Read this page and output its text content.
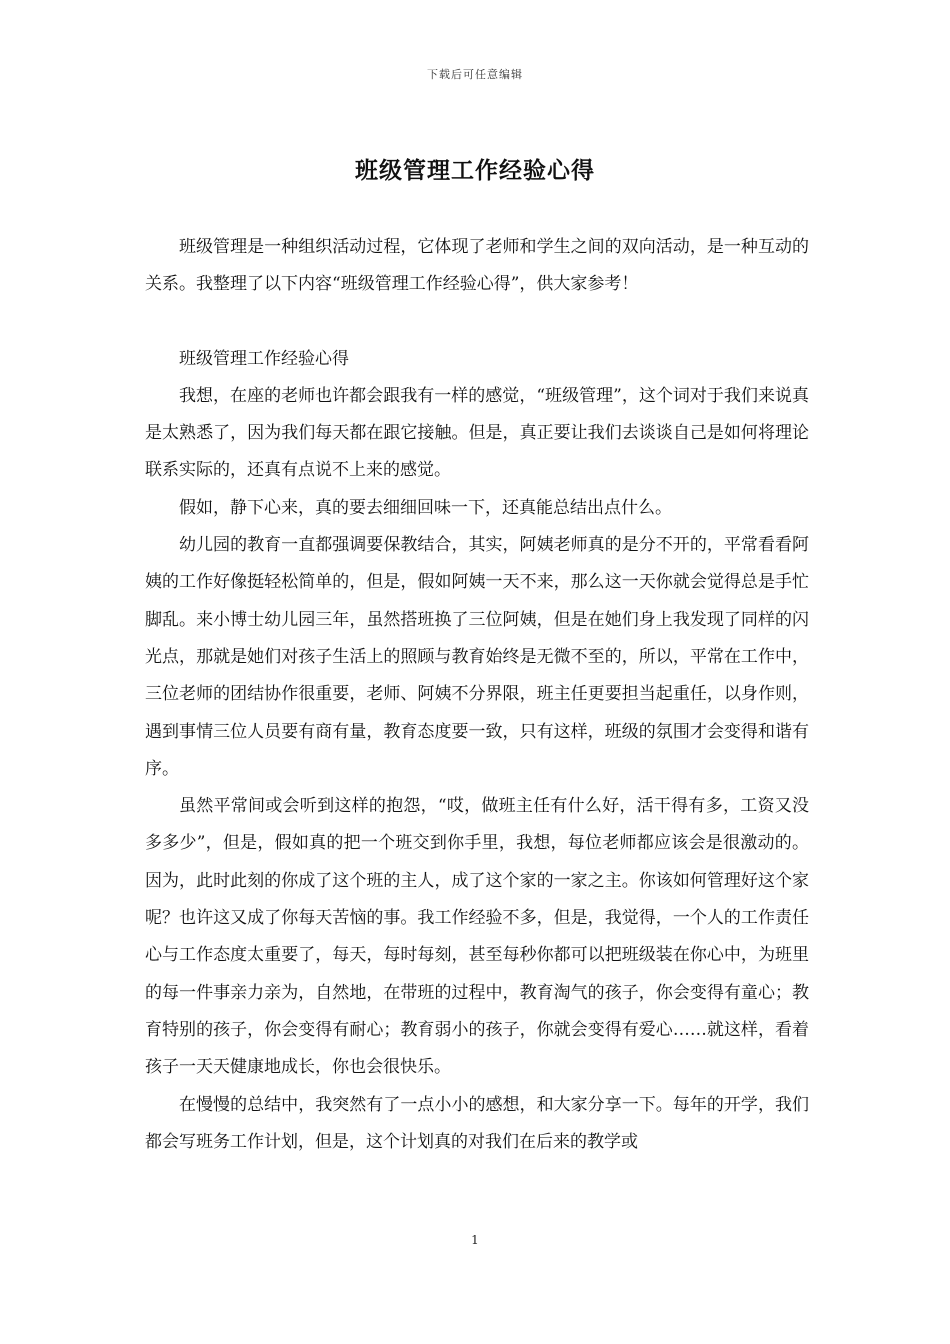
下载后可任意编辑
班级管理工作经验心得

班级管理是一种组织活动过程，它体现了老师和学生之间的双向活动，是一种互动的关系。我整理了以下内容“班级管理工作经验心得”，供大家参考！

班级管理工作经验心得

我想，在座的老师也许都会跟我有一样的感觉，“班级管理”，这个词对于我们来说真是太熟悉了，因为我们每天都在跟它接触。但是，真正要让我们去谈谈自己是如何将理论联系实际的，还真有点说不上来的感觉。

假如，静下心来，真的要去细细回味一下，还真能总结出点什么。

幼儿园的教育一直都强调要保教结合，其实，阿姨老师真的是分不开的，平常看看阿姨的工作好像挺轻松简单的，但是，假如阿姨一天不来，那么这一天你就会觉得总是手忙脚乱。来小博士幼儿园三年，虽然搭班换了三位阿姨，但是在她们身上我发现了同样的闪光点，那就是她们对孩子生活上的照顾与教育始终是无微不至的，所以，平常在工作中，三位老师的团结协作很重要，老师、阿姨不分界限，班主任更要担当起重任，以身作则，遇到事情三位人员要有商有量，教育态度要一致，只有这样，班级的氛围才会变得和谐有序。

虽然平常间或会听到这样的抱怨，“哎，做班主任有什么好，活干得有多，工资又没多多少”，但是，假如真的把一个班交到你手里，我想，每位老师都应该会是很激动的。因为，此时此刻的你成了这个班的主人，成了这个家的一家之主。你该如何管理好这个家呢？也许这又成了你每天苦恼的事。我工作经验不多，但是，我觉得，一个人的工作责任心与工作态度太重要了，每天，每时每刻，甚至每秒你都可以把班级装在你心中，为班里的每一件事亲力亲为，自然地，在带班的过程中，教育淘气的孩子，你会变得有童心；教育特别的孩子，你会变得有耐心；教育弱小的孩子，你就会变得有爱心……就这样，看着孩子一天天健康地成长，你也会很快乐。

在慢慢的总结中，我突然有了一点小小的感想，和大家分享一下。每年的开学，我们都会写班务工作计划，但是，这个计划真的对我们在后来的教学或

1
